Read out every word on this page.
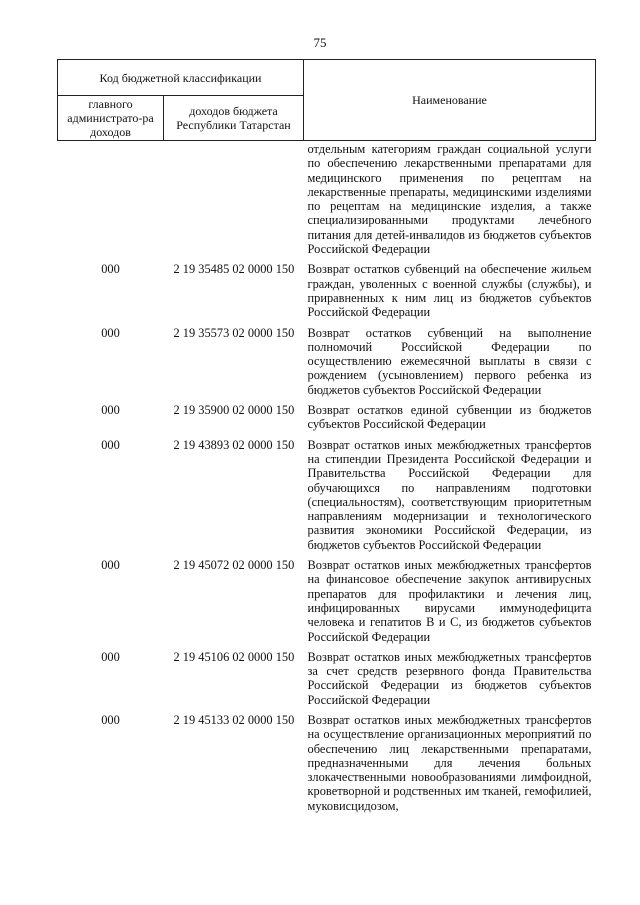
75
Код бюджетной классификации		Наименование
главного администрато-ра доходов	доходов бюджета Республики Татарстан	
		отдельным категориям граждан социальной услуги по обеспечению лекарственными препаратами для медицинского применения по рецептам на лекарственные препараты, медицинскими изделиями по рецептам на медицинские изделия, а также специализированными продуктами лечебного питания для детей-инвалидов из бюджетов субъектов Российской Федерации
000	2 19 35485 02 0000 150	Возврат остатков субвенций на обеспечение жильем граждан, уволенных с военной службы (службы), и приравненных к ним лиц из бюджетов субъектов Российской Федерации
000	2 19 35573 02 0000 150	Возврат остатков субвенций на выполнение полномочий Российской Федерации по осуществлению ежемесячной выплаты в связи с рождением (усыновлением) первого ребенка из бюджетов субъектов Российской Федерации
000	2 19 35900 02 0000 150	Возврат остатков единой субвенции из бюджетов субъектов Российской Федерации
000	2 19 43893 02 0000 150	Возврат остатков иных межбюджетных трансфертов на стипендии Президента Российской Федерации и Правительства Российской Федерации для обучающихся по направлениям подготовки (специальностям), соответствующим приоритетным направлениям модернизации и технологического развития экономики Российской Федерации, из бюджетов субъектов Российской Федерации
000	2 19 45072 02 0000 150	Возврат остатков иных межбюджетных трансфертов на финансовое обеспечение закупок антивирусных препаратов для профилактики и лечения лиц, инфицированных вирусами иммунодефицита человека и гепатитов B и C, из бюджетов субъектов Российской Федерации
000	2 19 45106 02 0000 150	Возврат остатков иных межбюджетных трансфертов за счет средств резервного фонда Правительства Российской Федерации из бюджетов субъектов Российской Федерации
000	2 19 45133 02 0000 150	Возврат остатков иных межбюджетных трансфертов на осуществление организационных мероприятий по обеспечению лиц лекарственными препаратами, предназначенными для лечения больных злокачественными новообразованиями лимфоидной, кроветворной и родственных им тканей, гемофилией, муковисцидозом,
